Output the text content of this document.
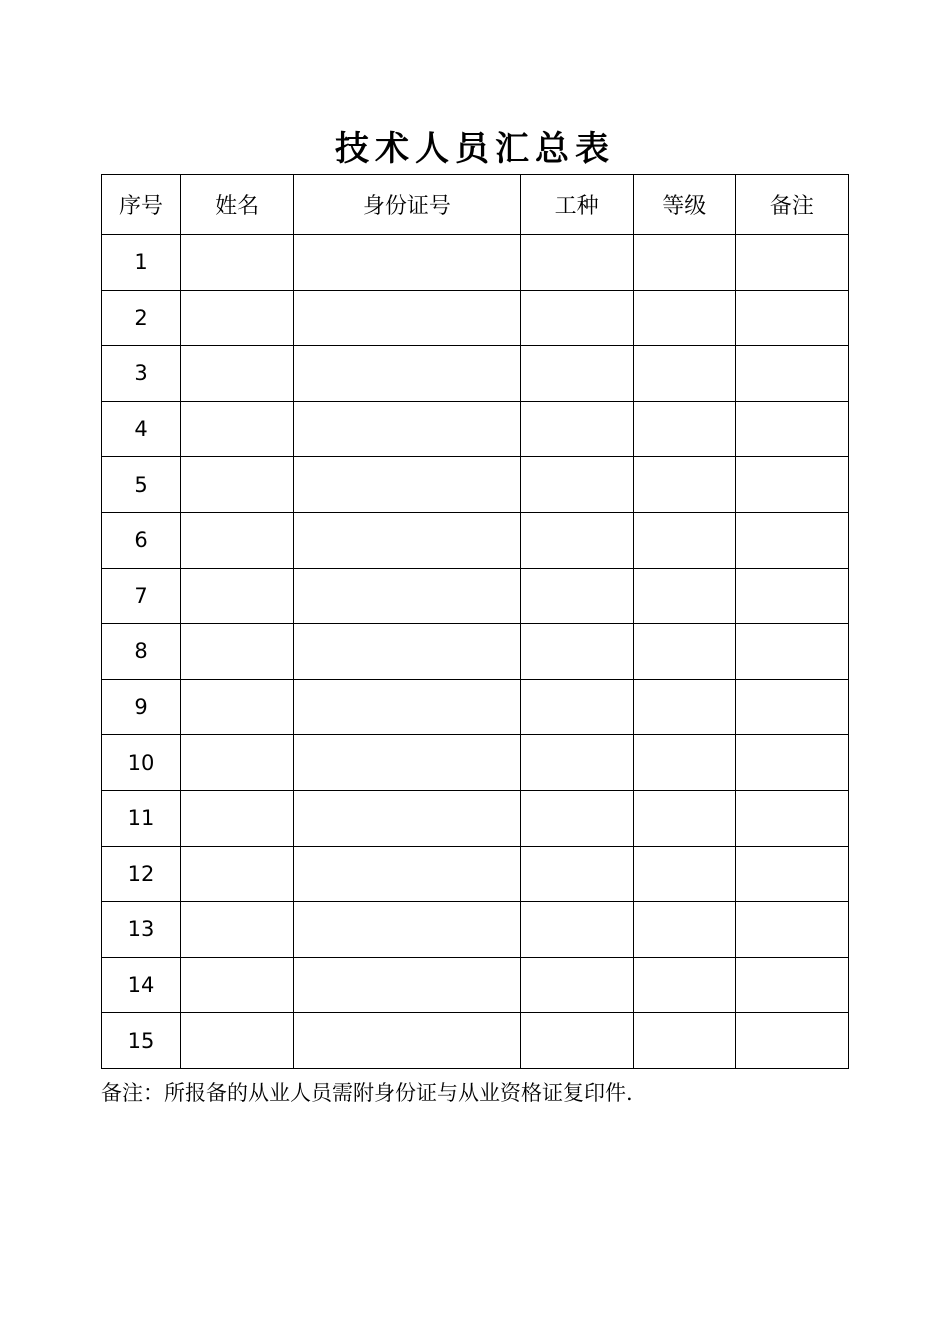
技术人员汇总表
序号	姓名	身份证号	工种	等级	备注
1					
2					
3					
4					
5					
6					
7					
8					
9					
10					
11					
12					
13					
14					
15					
备注：所报备的从业人员需附身份证与从业资格证复印件.
